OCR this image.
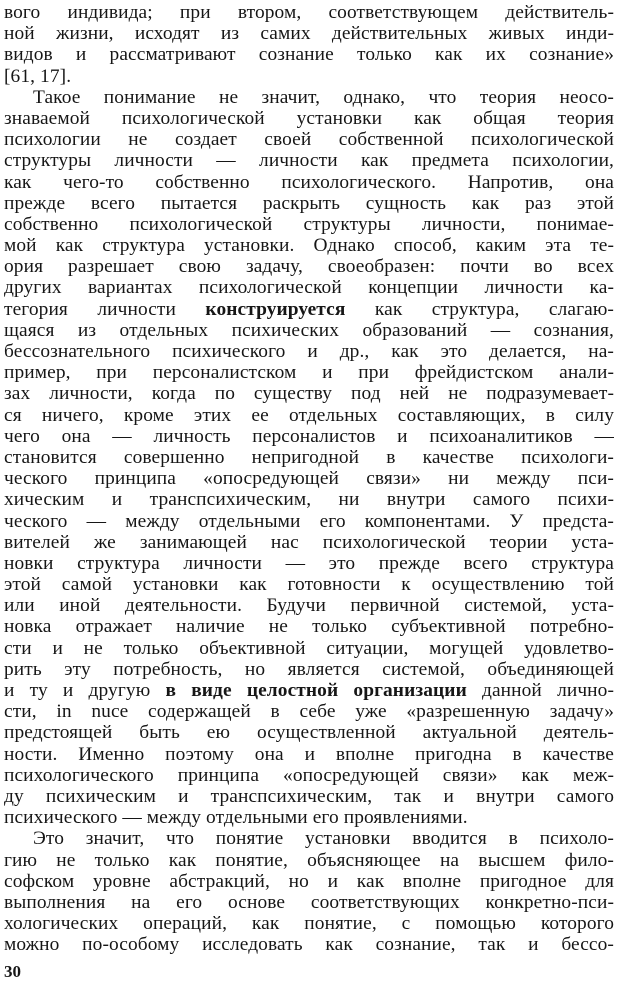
вого индивида; при втором, соответствующем действитель-
ной жизни, исходят из самих действительных живых инди-
видов и рассматривают сознание только как их сознание»
[61, 17].
Такое понимание не значит, однако, что теория неосо-
знаваемой психологической установки как общая теория
психологии не создает своей собственной психологической
структуры личности — личности как предмета психологии,
как чего-то собственно психологического. Напротив, она
прежде всего пытается раскрыть сущность как раз этой
собственно психологической структуры личности, понимае-
мой как структура установки. Однако способ, каким эта те-
ория разрешает свою задачу, своеобразен: почти во всех
других вариантах психологической концепции личности ка-
тегория личности конструируется как структура, слагаю-
щаяся из отдельных психических образований — сознания,
бессознательного психического и др., как это делается, на-
пример, при персоналистском и при фрейдистском анали-
зах личности, когда по существу под ней не подразумевает-
ся ничего, кроме этих ее отдельных составляющих, в силу
чего она — личность персоналистов и психоаналитиков —
становится совершенно непригодной в качестве психологи-
ческого принципа «опосредующей связи» ни между пси-
хическим и транспсихическим, ни внутри самого психи-
ческого — между отдельными его компонентами. У предста-
вителей же занимающей нас психологической теории уста-
новки структура личности — это прежде всего структура
этой самой установки как готовности к осуществлению той
или иной деятельности. Будучи первичной системой, уста-
новка отражает наличие не только субъективной потребно-
сти и не только объективной ситуации, могущей удовлетво-
рить эту потребность, но является системой, объединяющей
и ту и другую в виде целостной организации данной лично-
сти, in nuce содержащей в себе уже «разрешенную задачу»
предстоящей быть ею осуществленной актуальной деятель-
ности. Именно поэтому она и вполне пригодна в качестве
психологического принципа «опосредующей связи» как меж-
ду психическим и транспсихическим, так и внутри самого
психического — между отдельными его проявлениями.
Это значит, что понятие установки вводится в психоло-
гию не только как понятие, объясняющее на высшем фило-
софском уровне абстракций, но и как вполне пригодное для
выполнения на его основе соответствующих конкретно-пси-
хологических операций, как понятие, с помощью которого
можно по-особому исследовать как сознание, так и бессо-
30
